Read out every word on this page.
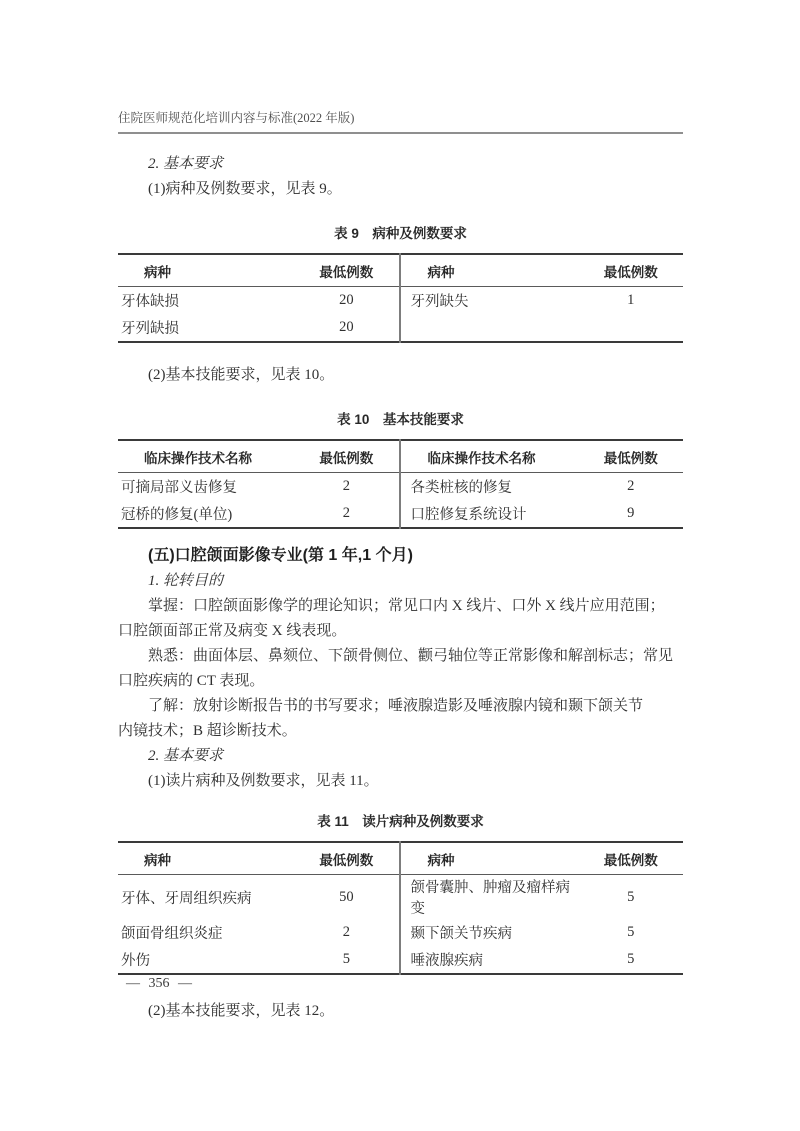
住院医师规范化培训内容与标准(2022 年版)

2. 基本要求

(1)病种及例数要求，见表 9。

表 9　病种及例数要求
病种	最低例数	病种	最低例数
牙体缺损	20	牙列缺失	1
牙列缺损	20		

(2)基本技能要求，见表 10。

表 10　基本技能要求
临床操作技术名称	最低例数	临床操作技术名称	最低例数
可摘局部义齿修复	2	各类桩核的修复	2
冠桥的修复(单位)	2	口腔修复系统设计	9
(五)口腔颌面影像专业(第 1 年,1 个月)

1. 轮转目的

掌握：口腔颌面影像学的理论知识；常见口内 X 线片、口外 X 线片应用范围；

口腔颌面部正常及病变 X 线表现。

熟悉：曲面体层、鼻颏位、下颌骨侧位、颧弓轴位等正常影像和解剖标志；常见

口腔疾病的 CT 表现。

了解：放射诊断报告书的书写要求；唾液腺造影及唾液腺内镜和颞下颌关节

内镜技术；B 超诊断技术。

2. 基本要求

(1)读片病种及例数要求，见表 11。

表 11　读片病种及例数要求
病种	最低例数	病种	最低例数
牙体、牙周组织疾病	50	颌骨囊肿、肿瘤及瘤样病变	5
颌面骨组织炎症	2	颞下颌关节疾病	5
外伤	5	唾液腺疾病	5

(2)基本技能要求，见表 12。

— 356 —
